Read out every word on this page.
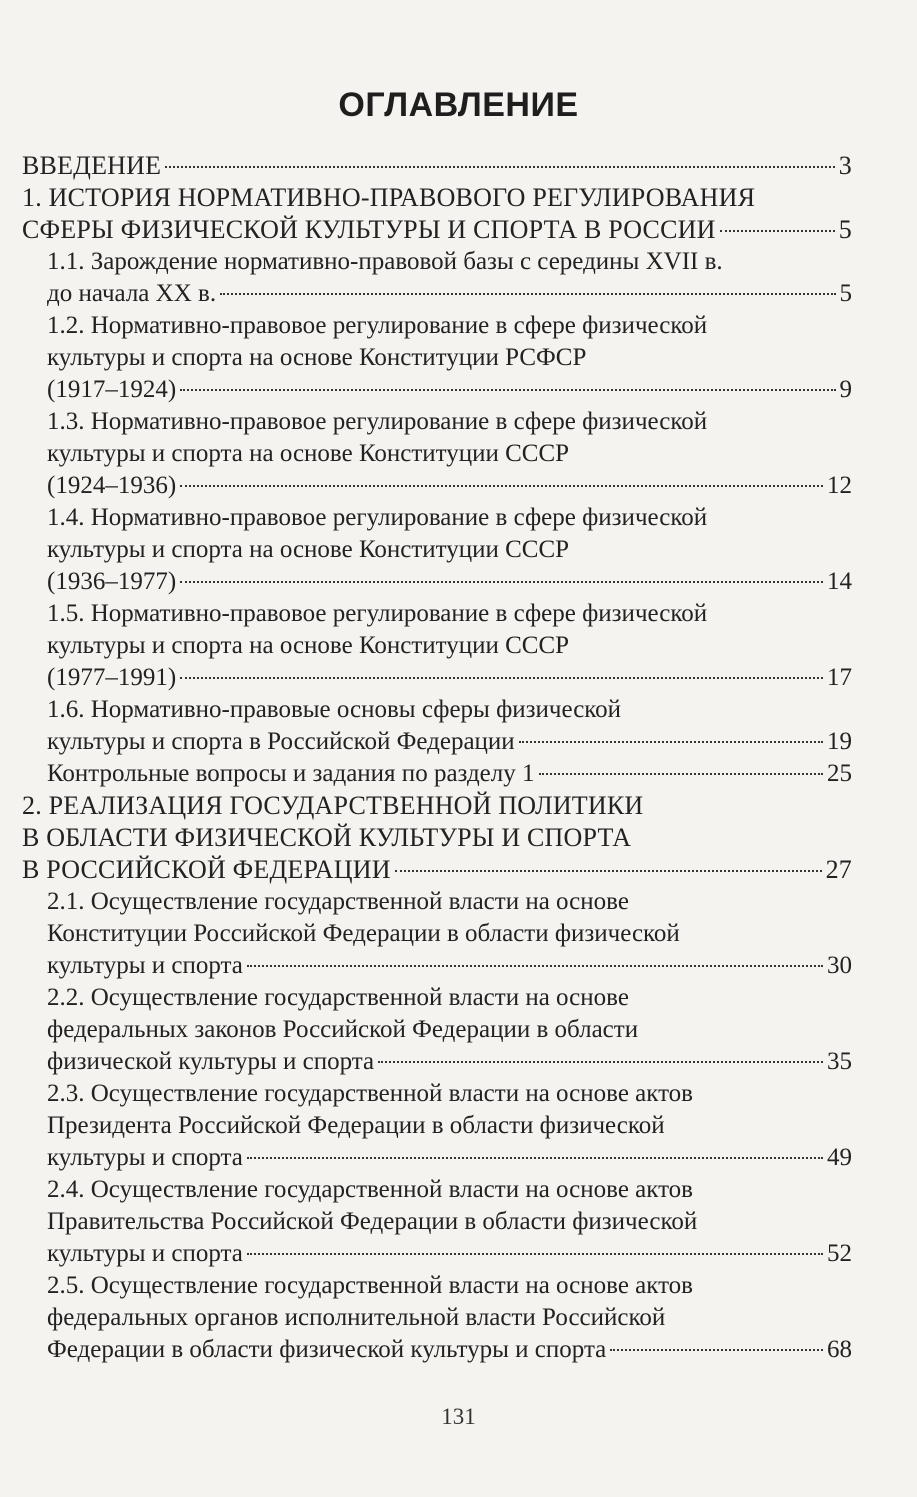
ОГЛАВЛЕНИЕ
ВВЕДЕНИЕ	3
1. ИСТОРИЯ НОРМАТИВНО-ПРАВОВОГО РЕГУЛИРОВАНИЯ
СФЕРЫ ФИЗИЧЕСКОЙ КУЛЬТУРЫ И СПОРТА В РОССИИ	5
1.1. Зарождение нормативно-правовой базы с середины XVII в.
до начала XX в.	5
1.2. Нормативно-правовое регулирование в сфере физической
культуры и спорта на основе Конституции РСФСР
(1917–1924)	9
1.3. Нормативно-правовое регулирование в сфере физической
культуры и спорта на основе Конституции СССР
(1924–1936)	12
1.4. Нормативно-правовое регулирование в сфере физической
культуры и спорта на основе Конституции СССР
(1936–1977)	14
1.5. Нормативно-правовое регулирование в сфере физической
культуры и спорта на основе Конституции СССР
(1977–1991)	17
1.6. Нормативно-правовые основы сферы физической
культуры и спорта в Российской Федерации	19
Контрольные вопросы и задания по разделу 1	25
2. РЕАЛИЗАЦИЯ ГОСУДАРСТВЕННОЙ ПОЛИТИКИ
В ОБЛАСТИ ФИЗИЧЕСКОЙ КУЛЬТУРЫ И СПОРТА
В РОССИЙСКОЙ ФЕДЕРАЦИИ	27
2.1. Осуществление государственной власти на основе
Конституции Российской Федерации в области физической
культуры и спорта	30
2.2. Осуществление государственной власти на основе
федеральных законов Российской Федерации в области
физической культуры и спорта	35
2.3. Осуществление государственной власти на основе актов
Президента Российской Федерации в области физической
культуры и спорта	49
2.4. Осуществление государственной власти на основе актов
Правительства Российской Федерации в области физической
культуры и спорта	52
2.5. Осуществление государственной власти на основе актов
федеральных органов исполнительной власти Российской
Федерации в области физической культуры и спорта	68
131
